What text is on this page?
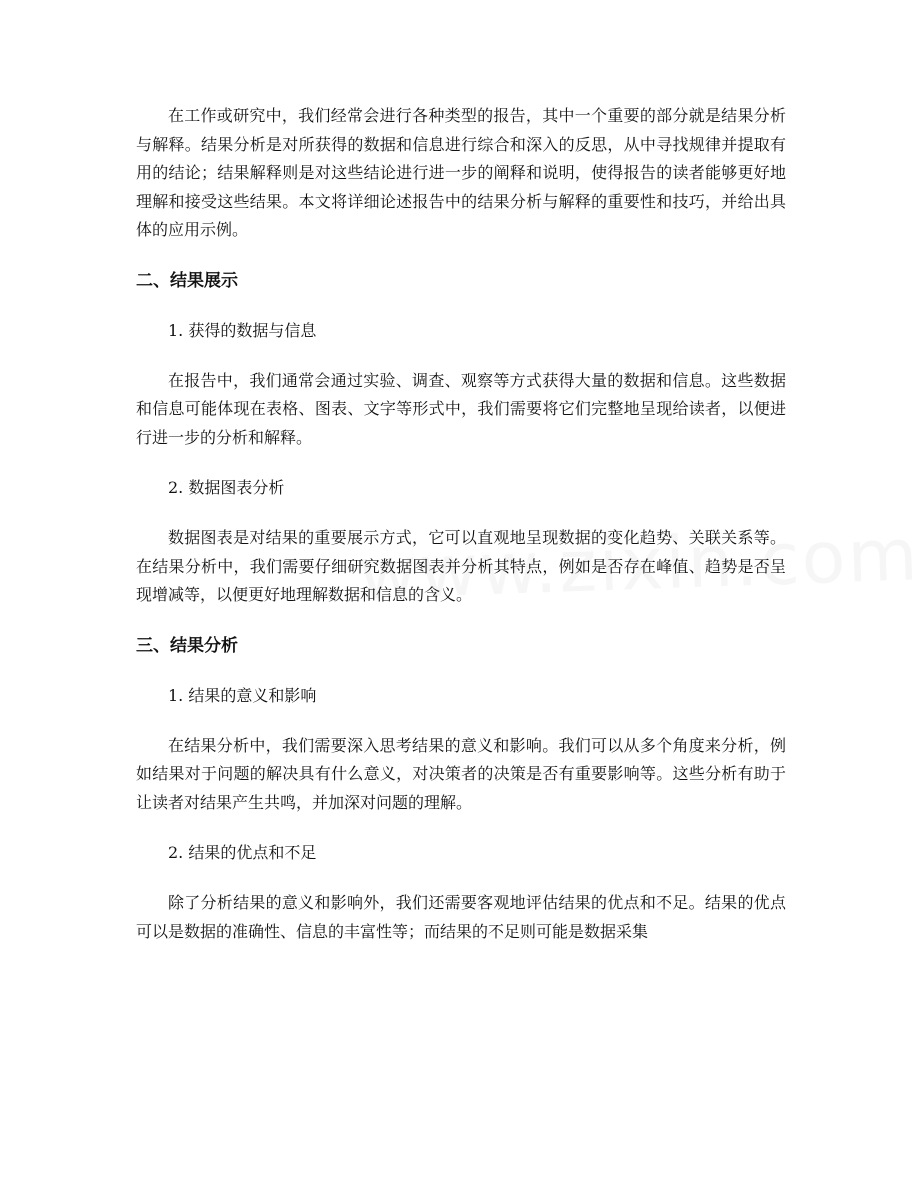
在工作或研究中，我们经常会进行各种类型的报告，其中一个重要的部分就是结果分析与解释。结果分析是对所获得的数据和信息进行综合和深入的反思，从中寻找规律并提取有用的结论；结果解释则是对这些结论进行进一步的阐释和说明，使得报告的读者能够更好地理解和接受这些结果。本文将详细论述报告中的结果分析与解释的重要性和技巧，并给出具体的应用示例。

二、结果展示
1. 获得的数据与信息

在报告中，我们通常会通过实验、调查、观察等方式获得大量的数据和信息。这些数据和信息可能体现在表格、图表、文字等形式中，我们需要将它们完整地呈现给读者，以便进行进一步的分析和解释。

2. 数据图表分析

数据图表是对结果的重要展示方式，它可以直观地呈现数据的变化趋势、关联关系等。在结果分析中，我们需要仔细研究数据图表并分析其特点，例如是否存在峰值、趋势是否呈现增减等，以便更好地理解数据和信息的含义。

三、结果分析
1. 结果的意义和影响

在结果分析中，我们需要深入思考结果的意义和影响。我们可以从多个角度来分析，例如结果对于问题的解决具有什么意义，对决策者的决策是否有重要影响等。这些分析有助于让读者对结果产生共鸣，并加深对问题的理解。

2. 结果的优点和不足

除了分析结果的意义和影响外，我们还需要客观地评估结果的优点和不足。结果的优点可以是数据的准确性、信息的丰富性等；而结果的不足则可能是数据采集
